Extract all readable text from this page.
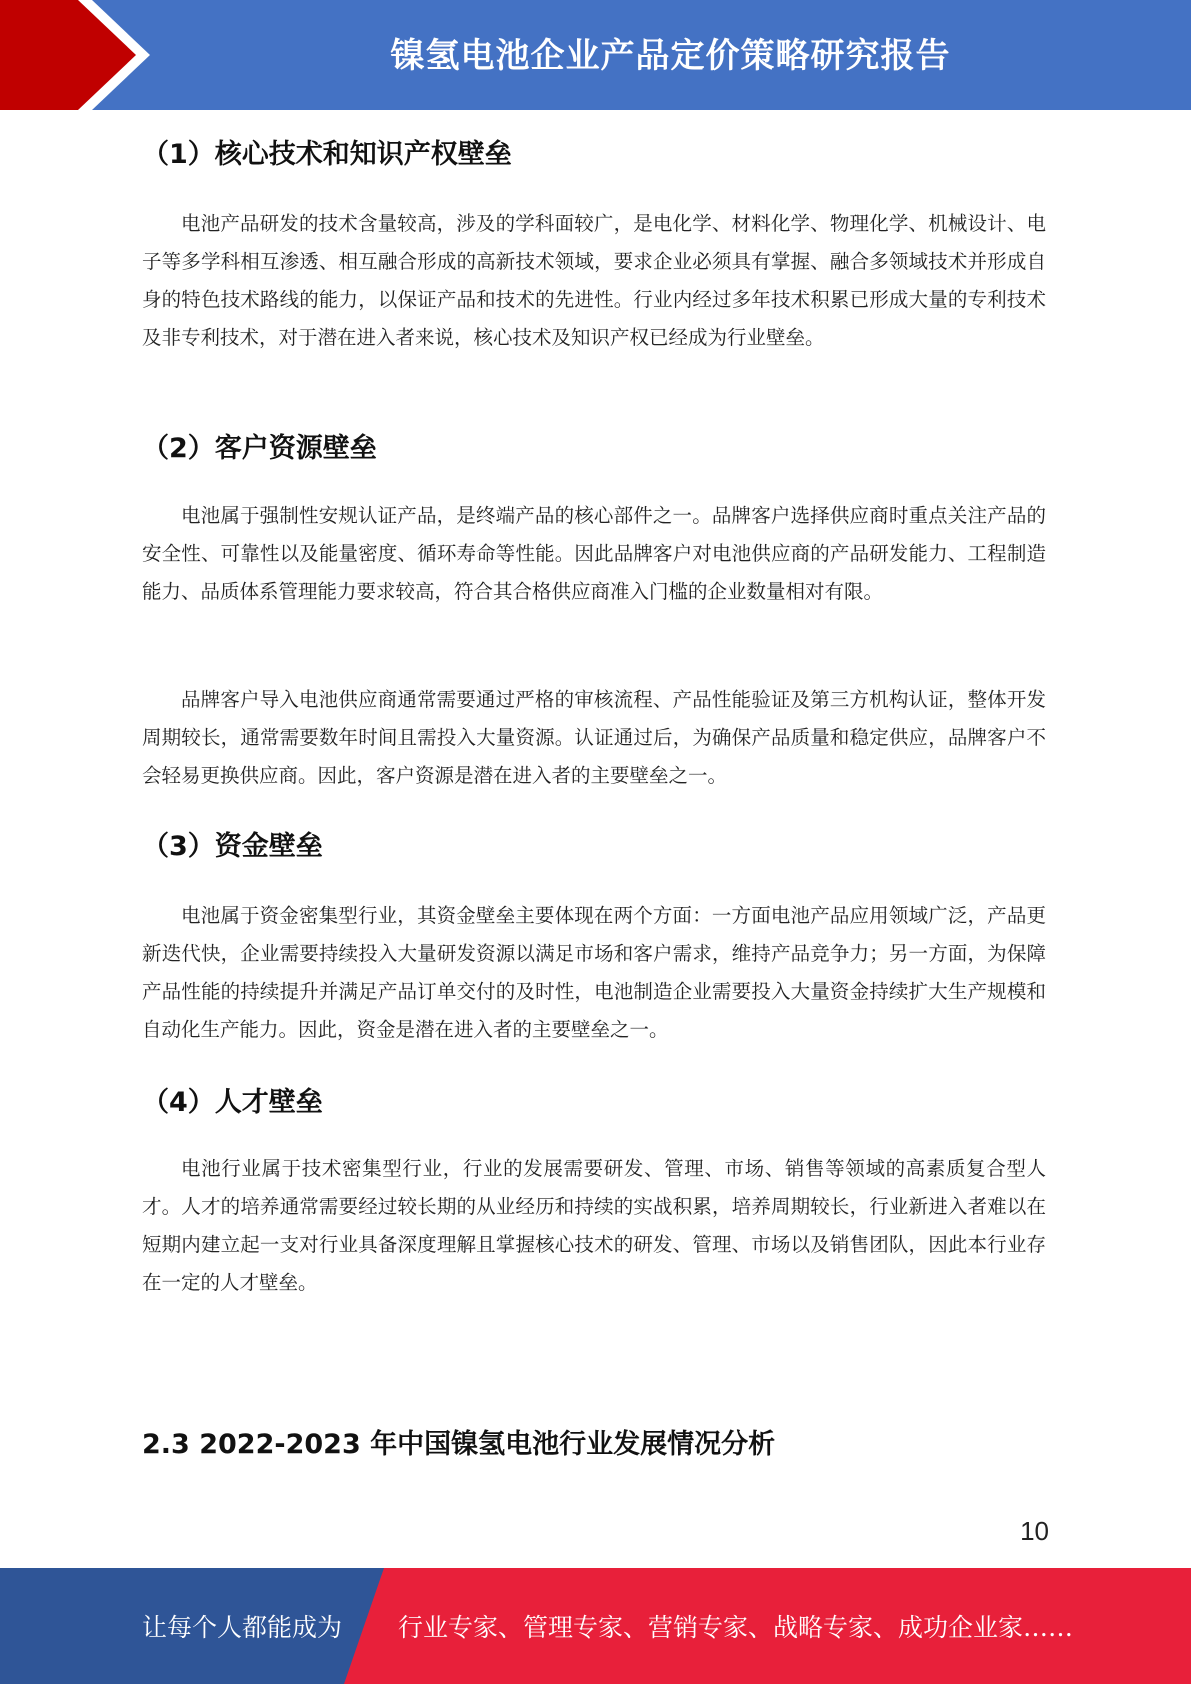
镍氢电池企业产品定价策略研究报告
（1）核心技术和知识产权壁垒

电池产品研发的技术含量较高，涉及的学科面较广，是电化学、材料化学、物理化学、机械设计、电子等多学科相互渗透、相互融合形成的高新技术领域，要求企业必须具有掌握、融合多领域技术并形成自身的特色技术路线的能力，以保证产品和技术的先进性。行业内经过多年技术积累已形成大量的专利技术及非专利技术，对于潜在进入者来说，核心技术及知识产权已经成为行业壁垒。

（2）客户资源壁垒

电池属于强制性安规认证产品，是终端产品的核心部件之一。品牌客户选择供应商时重点关注产品的安全性、可靠性以及能量密度、循环寿命等性能。因此品牌客户对电池供应商的产品研发能力、工程制造能力、品质体系管理能力要求较高，符合其合格供应商准入门槛的企业数量相对有限。

品牌客户导入电池供应商通常需要通过严格的审核流程、产品性能验证及第三方机构认证，整体开发周期较长，通常需要数年时间且需投入大量资源。认证通过后，为确保产品质量和稳定供应，品牌客户不会轻易更换供应商。因此，客户资源是潜在进入者的主要壁垒之一。

（3）资金壁垒

电池属于资金密集型行业，其资金壁垒主要体现在两个方面：一方面电池产品应用领域广泛，产品更新迭代快，企业需要持续投入大量研发资源以满足市场和客户需求，维持产品竞争力；另一方面，为保障产品性能的持续提升并满足产品订单交付的及时性，电池制造企业需要投入大量资金持续扩大生产规模和自动化生产能力。因此，资金是潜在进入者的主要壁垒之一。

（4）人才壁垒

电池行业属于技术密集型行业，行业的发展需要研发、管理、市场、销售等领域的高素质复合型人才。人才的培养通常需要经过较长期的从业经历和持续的实战积累，培养周期较长，行业新进入者难以在短期内建立起一支对行业具备深度理解且掌握核心技术的研发、管理、市场以及销售团队，因此本行业存在一定的人才壁垒。

2.3 2022-2023 年中国镍氢电池行业发展情况分析
10
让每个人都能成为 行业专家、管理专家、营销专家、战略专家、成功企业家……
